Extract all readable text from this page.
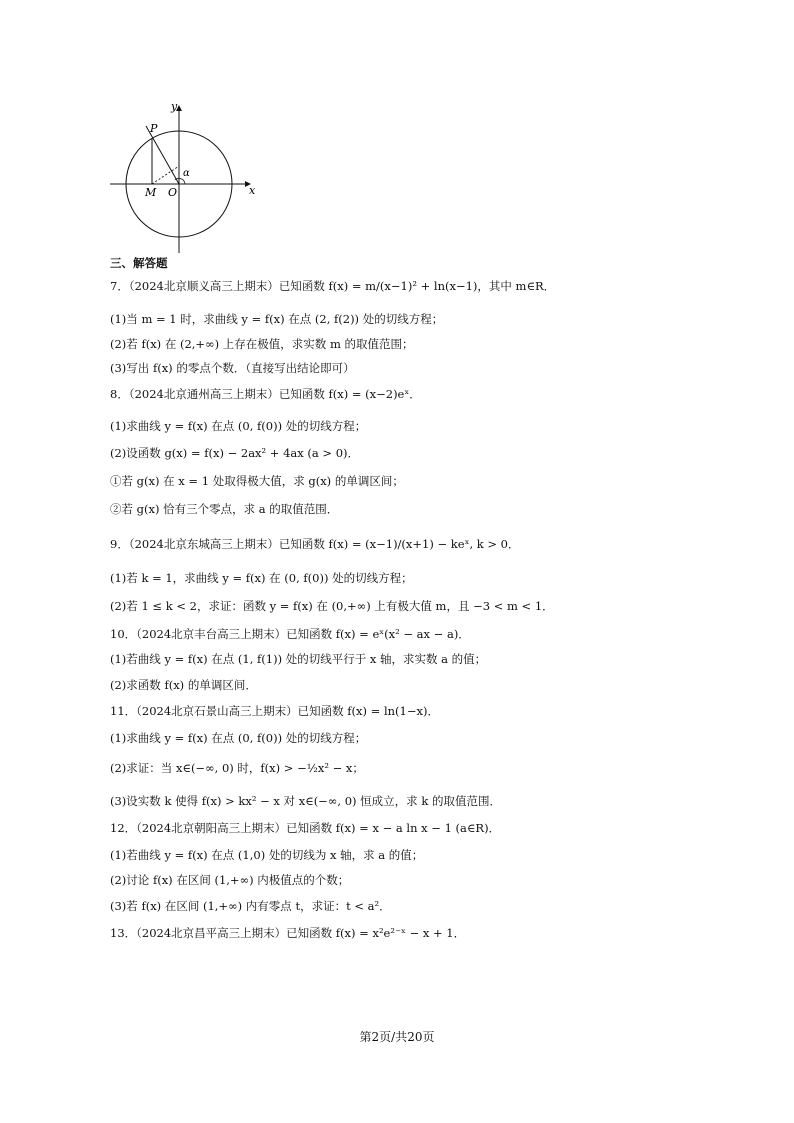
y
x
P
M O
α
三、解答题
7．（2024北京顺义高三上期末）已知函数 f(x) = m/(x−1)² + ln(x−1)，其中 m∈R．
(1)当 m = 1 时，求曲线 y = f(x) 在点 (2, f(2)) 处的切线方程；
(2)若 f(x) 在 (2,+∞) 上存在极值，求实数 m 的取值范围；
(3)写出 f(x) 的零点个数．（直接写出结论即可）
8．（2024北京通州高三上期末）已知函数 f(x) = (x−2)eˣ．
(1)求曲线 y = f(x) 在点 (0, f(0)) 处的切线方程；
(2)设函数 g(x) = f(x) − 2ax² + 4ax (a > 0)．
①若 g(x) 在 x = 1 处取得极大值，求 g(x) 的单调区间；
②若 g(x) 恰有三个零点，求 a 的取值范围．
9．（2024北京东城高三上期末）已知函数 f(x) = (x−1)/(x+1) − keˣ, k > 0．
(1)若 k = 1，求曲线 y = f(x) 在 (0, f(0)) 处的切线方程；
(2)若 1 ≤ k < 2，求证：函数 y = f(x) 在 (0,+∞) 上有极大值 m，且 −3 < m < 1．
10．（2024北京丰台高三上期末）已知函数 f(x) = eˣ(x² − ax − a)．
(1)若曲线 y = f(x) 在点 (1, f(1)) 处的切线平行于 x 轴，求实数 a 的值；
(2)求函数 f(x) 的单调区间．
11．（2024北京石景山高三上期末）已知函数 f(x) = ln(1−x)．
(1)求曲线 y = f(x) 在点 (0, f(0)) 处的切线方程；
(2)求证：当 x∈(−∞, 0) 时，f(x) > −½x² − x；
(3)设实数 k 使得 f(x) > kx² − x 对 x∈(−∞, 0) 恒成立，求 k 的取值范围．
12．（2024北京朝阳高三上期末）已知函数 f(x) = x − a ln x − 1 (a∈R)．
(1)若曲线 y = f(x) 在点 (1,0) 处的切线为 x 轴，求 a 的值；
(2)讨论 f(x) 在区间 (1,+∞) 内极值点的个数；
(3)若 f(x) 在区间 (1,+∞) 内有零点 t，求证：t < a²．
13．（2024北京昌平高三上期末）已知函数 f(x) = x²e²⁻ˣ − x + 1．
第2页/共20页
